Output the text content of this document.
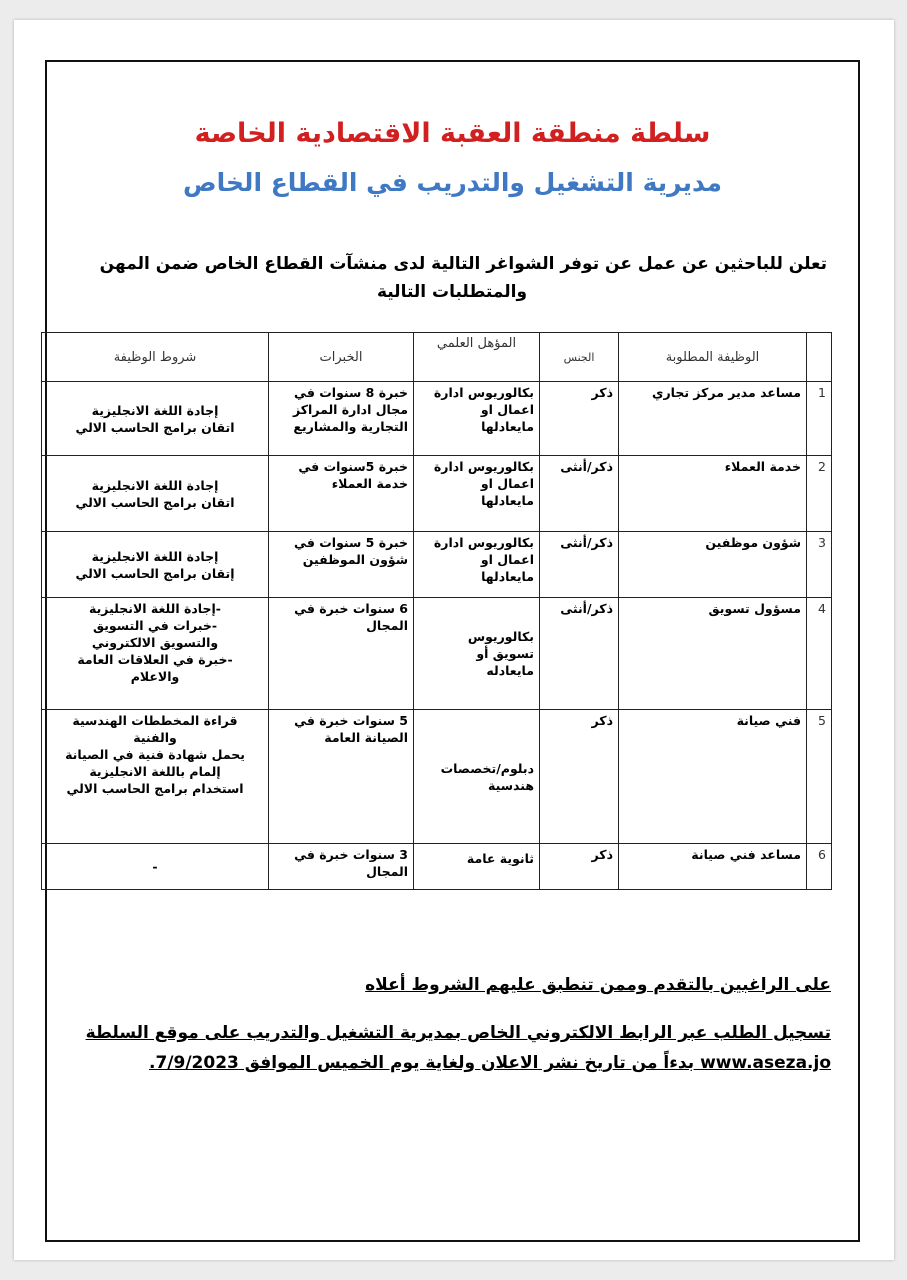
سلطة منطقة العقبة الاقتصادية الخاصة
مديرية التشغيل والتدريب في القطاع الخاص
تعلن للباحثين عن عمل عن توفر الشواغر التالية لدى منشآت القطاع الخاص ضمن المهن
والمتطلبات التالية
	الوظيفة المطلوبة	الجنس	المؤهل العلمي	الخبرات	شروط الوظيفة
1	مساعد مدير مركز تجاري	ذكر	بكالوريوس ادارة
اعمال او
مايعادلها	خبرة 8 سنوات في
مجال ادارة المراكز
التجارية والمشاريع	إجادة اللغة الانجليزية
اتقان برامج الحاسب الالي

2	خدمة العملاء	ذكر/أنثى	بكالوريوس ادارة
اعمال او
مايعادلها	خبرة 5سنوات في
خدمة العملاء	إجادة اللغة الانجليزية
اتقان برامج الحاسب الالي

3	شؤون موظفين	ذكر/أنثى	بكالوريوس ادارة
اعمال او
مايعادلها	خبرة 5 سنوات في
شؤون الموظفين	إجادة اللغة الانجليزية
إتقان برامج الحاسب الالي

4	مسؤول تسويق	ذكر/أنثى	بكالوريوس
تسويق أو
مايعادله	6 سنوات خبرة في
المجال	-إجادة اللغة الانجليزية
-خبرات في التسويق
والتسويق الالكتروني
-خبرة في العلاقات العامة
والاعلام

5	فني صيانة	ذكر	دبلوم/تخصصات
هندسية	5 سنوات خبرة في
الصيانة العامة	قراءة المخططات الهندسية
والفنية
يحمل شهادة فنية في الصيانة
إلمام باللغة الانجليزية
استخدام برامج الحاسب الالي

6	مساعد فني صيانة	ذكر	ثانوية عامة	3 سنوات خبرة في
المجال	-
على الراغبين بالتقدم وممن تنطبق عليهم الشروط أعلاه
تسجيل الطلب عبر الرابط الالكتروني الخاص بمديرية التشغيل والتدريب على موقع السلطة
www.aseza.jo بدءاً من تاريخ نشر الاعلان ولغاية يوم الخميس الموافق 7/9/2023.
